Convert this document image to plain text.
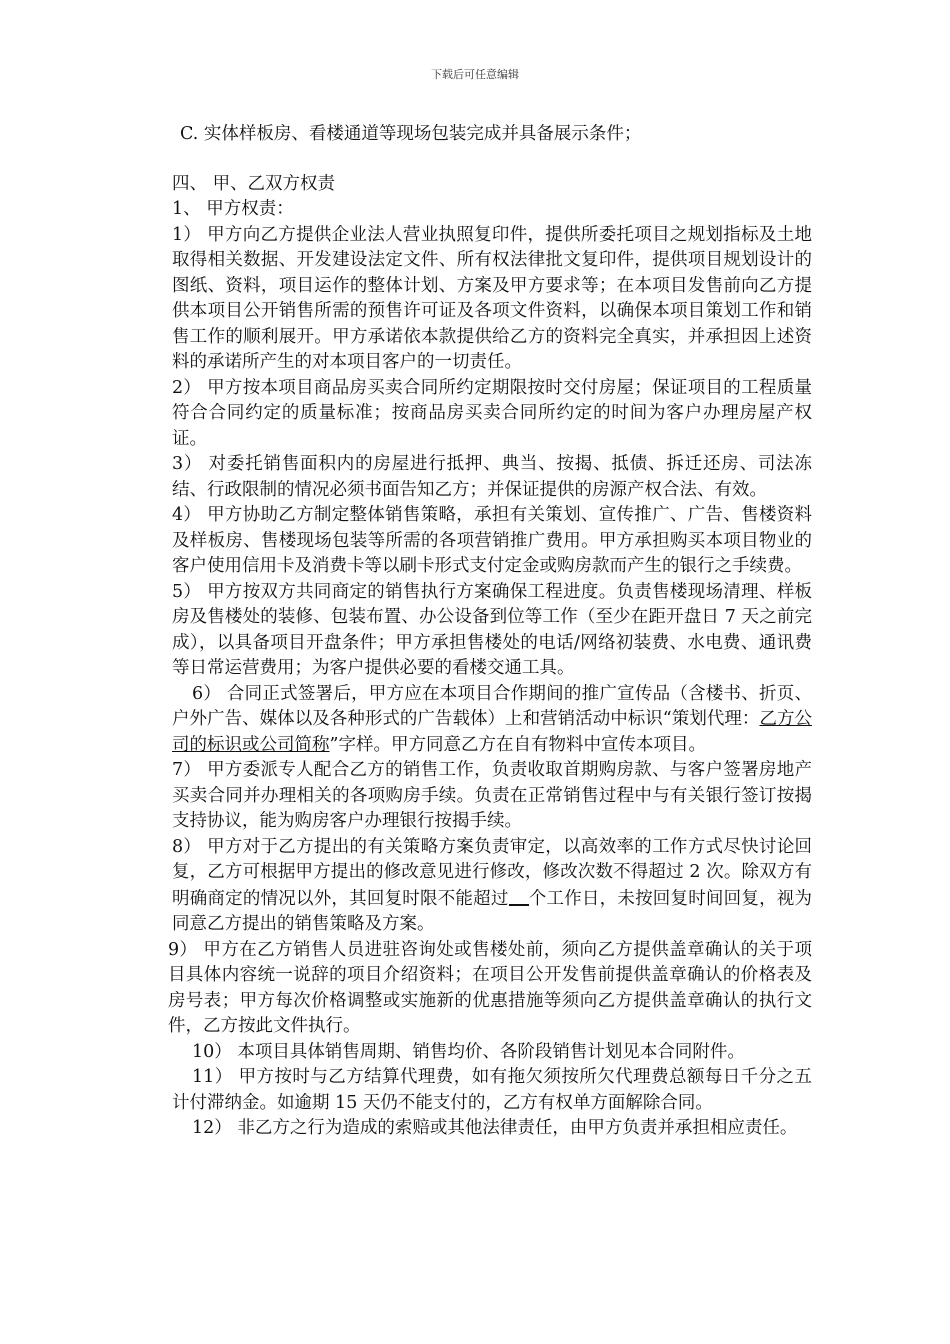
下载后可任意编辑

C. 实体样板房、看楼通道等现场包装完成并具备展示条件；

四、 甲、乙双方权责

1、 甲方权责：

1） 甲方向乙方提供企业法人营业执照复印件，提供所委托项目之规划指标及土地取得相关数据、开发建设法定文件、所有权法律批文复印件，提供项目规划设计的图纸、资料，项目运作的整体计划、方案及甲方要求等；在本项目发售前向乙方提供本项目公开销售所需的预售许可证及各项文件资料，以确保本项目策划工作和销售工作的顺利展开。甲方承诺依本款提供给乙方的资料完全真实，并承担因上述资料的承诺所产生的对本项目客户的一切责任。

2） 甲方按本项目商品房买卖合同所约定期限按时交付房屋；保证项目的工程质量符合合同约定的质量标准；按商品房买卖合同所约定的时间为客户办理房屋产权证。

3） 对委托销售面积内的房屋进行抵押、典当、按揭、抵债、拆迁还房、司法冻结、行政限制的情况必须书面告知乙方；并保证提供的房源产权合法、有效。

4） 甲方协助乙方制定整体销售策略，承担有关策划、宣传推广、广告、售楼资料及样板房、售楼现场包装等所需的各项营销推广费用。甲方承担购买本项目物业的客户使用信用卡及消费卡等以刷卡形式支付定金或购房款而产生的银行之手续费。

5） 甲方按双方共同商定的销售执行方案确保工程进度。负责售楼现场清理、样板房及售楼处的装修、包装布置、办公设备到位等工作（至少在距开盘日 7 天之前完成），以具备项目开盘条件；甲方承担售楼处的电话/网络初装费、水电费、通讯费等日常运营费用；为客户提供必要的看楼交通工具。

6） 合同正式签署后，甲方应在本项目合作期间的推广宣传品（含楼书、折页、户外广告、媒体以及各种形式的广告载体）上和营销活动中标识“策划代理：乙方公司的标识或公司简称”字样。甲方同意乙方在自有物料中宣传本项目。

7） 甲方委派专人配合乙方的销售工作，负责收取首期购房款、与客户签署房地产买卖合同并办理相关的各项购房手续。负责在正常销售过程中与有关银行签订按揭支持协议，能为购房客户办理银行按揭手续。

8） 甲方对于乙方提出的有关策略方案负责审定，以高效率的工作方式尽快讨论回复，乙方可根据甲方提出的修改意见进行修改，修改次数不得超过 2 次。除双方有明确商定的情况以外，其回复时限不能超过 个工作日，未按回复时间回复，视为同意乙方提出的销售策略及方案。

9） 甲方在乙方销售人员进驻咨询处或售楼处前，须向乙方提供盖章确认的关于项目具体内容统一说辞的项目介绍资料；在项目公开发售前提供盖章确认的价格表及房号表；甲方每次价格调整或实施新的优惠措施等须向乙方提供盖章确认的执行文件，乙方按此文件执行。

10） 本项目具体销售周期、销售均价、各阶段销售计划见本合同附件。

11） 甲方按时与乙方结算代理费，如有拖欠须按所欠代理费总额每日千分之五计付滞纳金。如逾期 15 天仍不能支付的，乙方有权单方面解除合同。

12） 非乙方之行为造成的索赔或其他法律责任，由甲方负责并承担相应责任。
